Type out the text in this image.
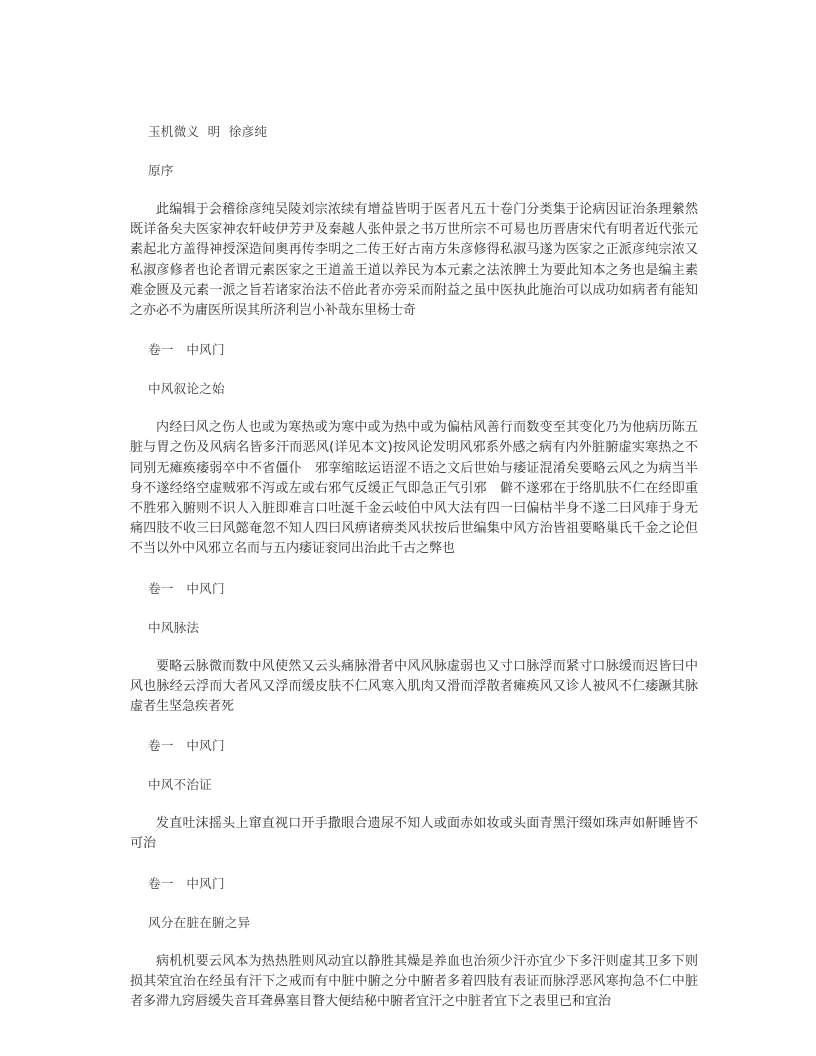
玉机微义  明  徐彦纯
原序

此编辑于会稽徐彦纯吴陵刘宗浓续有增益皆明于医者凡五十卷门分类集于论病因证治条理縈然既详备矣夫医家神农轩岐伊芳尹及秦越人张仲景之书万世所宗不可易也历晋唐宋代有明者近代张元素起北方盖得神授深造间奥再传李明之二传王好古南方朱彦修得私淑马遂为医家之正派彦纯宗浓又私淑彦修者也论者谓元素医家之王道盖王道以养民为本元素之法浓脾土为要此知本之务也是编主素难金匮及元素一派之旨若诸家治法不倍此者亦旁采而附益之虽中医执此施治可以成功如病者有能知之亦必不为庸医所误其所济利岂小补哉东里杨士奇

卷一　中风门
中风叙论之始

内经曰风之伤人也或为寒热或为寒中或为热中或为偏枯风善行而数变至其变化乃为他病历陈五脏与胃之伤及风病名皆多汗而恶风(详见本文)按风论发明风邪系外感之病有内外脏腑虚实寒热之不同别无瘫痪痿弱卒中不省僵仆　邪挛缩眩运语涩不语之文后世始与痿证混淆矣要略云风之为病当半身不遂经络空虚贼邪不泻或左或右邪气反缓正气即急正气引邪　僻不遂邪在于络肌肤不仁在经即重不胜邪入腑则不识人入脏即难言口吐涎千金云岐伯中风大法有四一曰偏枯半身不遂二曰风痱于身无痛四肢不收三曰风懿奄忽不知人四曰风痹诸痹类风状按后世编集中风方治皆祖要略巢氏千金之论但不当以外中风邪立名而与五内痿证衮同出治此千古之弊也

卷一　中风门
中风脉法

要略云脉微而数中风使然又云头痛脉滑者中风风脉虚弱也又寸口脉浮而紧寸口脉缓而迟皆曰中风也脉经云浮而大者风又浮而缓皮肤不仁风寒入肌肉又滑而浮散者瘫痪风又诊人被风不仁痿蹶其脉虚者生坚急疾者死

卷一　中风门
中风不治证

发直吐沫摇头上窜直视口开手撒眼合遗尿不知人或面赤如妆或头面青黑汗缀如珠声如鼾睡皆不可治

卷一　中风门
风分在脏在腑之异

病机机要云风本为热热胜则风动宜以静胜其燥是养血也治须少汗亦宜少下多汗则虚其卫多下则损其荣宜治在经虽有汗下之戒而有中脏中腑之分中腑者多着四肢有表证而脉浮恶风寒拘急不仁中脏者多滞九窍唇缓失音耳聋鼻塞目瞀大便结秘中腑者宜汗之中脏者宜下之表里已和宜治
